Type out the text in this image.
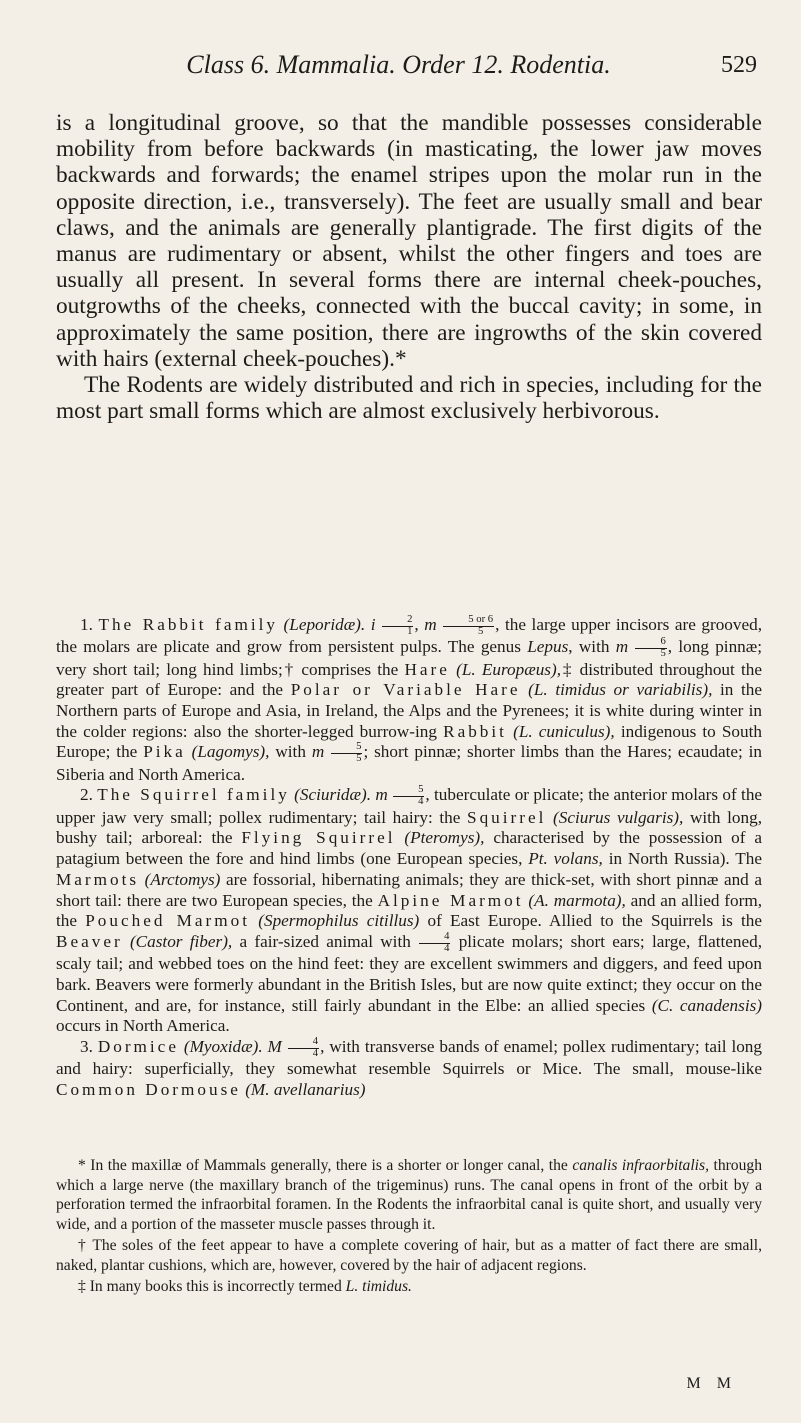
Class 6. Mammalia. Order 12. Rodentia.	529

is a longitudinal groove, so that the mandible possesses considerable mobility from before backwards (in masticating, the lower jaw moves backwards and forwards; the enamel stripes upon the molar run in the opposite direction, i.e., transversely). The feet are usually small and bear claws, and the animals are generally plantigrade. The first digits of the manus are rudimentary or absent, whilst the other fingers and toes are usually all present. In several forms there are internal cheek-pouches, outgrowths of the cheeks, connected with the buccal cavity; in some, in approximately the same position, there are ingrowths of the skin covered with hairs (external cheek-pouches).*

The Rodents are widely distributed and rich in species, including for the most part small forms which are almost exclusively herbivorous.

1. The Rabbit family (Leporidæ). i $\frac{2}{1}$ , m $\frac{5 or 6}{5}$ , the large upper incisors are grooved, the molars are plicate and grow from persistent pulps. The genus Lepus, with m $\frac{6}{5}$ , long pinnæ; very short tail; long hind limbs;† comprises the Hare (L. Europæus),‡ distributed throughout the greater part of Europe: and the Polar or Variable Hare (L. timidus or variabilis), in the Northern parts of Europe and Asia, in Ireland, the Alps and the Pyrenees; it is white during winter in the colder regions: also the shorter-legged burrow-ing Rabbit (L. cuniculus), indigenous to South Europe; the Pika (Lagomys), with m $\frac{5}{5}$ ; short pinnæ; shorter limbs than the Hares; ecaudate; in Siberia and North America.

2. The Squirrel family (Sciuridæ). m $\frac{5}{4}$ , tuberculate or plicate; the anterior molars of the upper jaw very small; pollex rudimentary; tail hairy: the Squirrel (Sciurus vulgaris), with long, bushy tail; arboreal: the Flying Squirrel (Pteromys), characterised by the possession of a patagium between the fore and hind limbs (one European species, Pt. volans, in North Russia). The Marmots (Arctomys) are fossorial, hibernating animals; they are thick-set, with short pinnæ and a short tail: there are two European species, the Alpine Marmot (A. marmota), and an allied form, the Pouched Marmot (Spermophilus citillus) of East Europe. Allied to the Squirrels is the Beaver (Castor fiber), a fair-sized animal with $\frac{4}{4}$ plicate molars; short ears; large, flattened, scaly tail; and webbed toes on the hind feet: they are excellent swimmers and diggers, and feed upon bark. Beavers were formerly abundant in the British Isles, but are now quite extinct; they occur on the Continent, and are, for instance, still fairly abundant in the Elbe: an allied species (C. canadensis) occurs in North America.

3. Dormice (Myoxidæ). M $\frac{4}{4}$ , with transverse bands of enamel; pollex rudimentary; tail long and hairy: superficially, they somewhat resemble Squirrels or Mice. The small, mouse-like Common Dormouse (M. avellanarius)

* In the maxillæ of Mammals generally, there is a shorter or longer canal, the canalis infraorbitalis, through which a large nerve (the maxillary branch of the trigeminus) runs. The canal opens in front of the orbit by a perforation termed the infraorbital foramen. In the Rodents the infraorbital canal is quite short, and usually very wide, and a portion of the masseter muscle passes through it.

† The soles of the feet appear to have a complete covering of hair, but as a matter of fact there are small, naked, plantar cushions, which are, however, covered by the hair of adjacent regions.

‡ In many books this is incorrectly termed L. timidus.

M M
